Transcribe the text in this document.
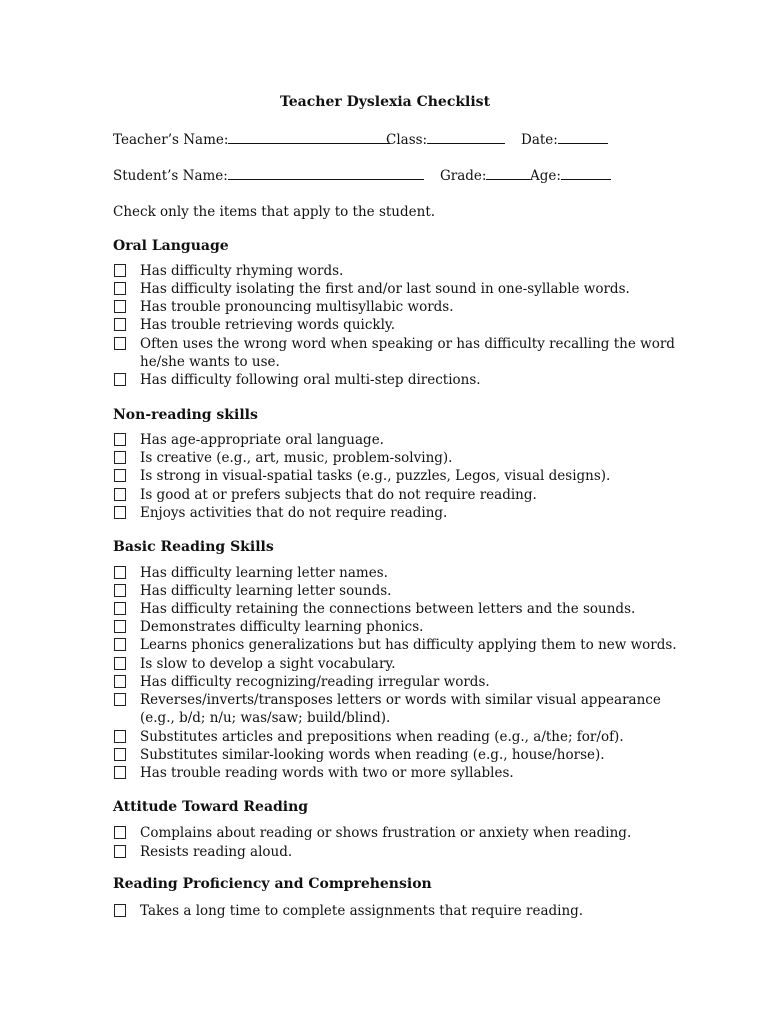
Teacher Dyslexia Checklist
Teacher’s Name:	Class:	Date:
Student’s Name:	Grade:	Age:
Check only the items that apply to the student.
Oral Language
Has difficulty rhyming words.
Has difficulty isolating the first and/or last sound in one-syllable words.
Has trouble pronouncing multisyllabic words.
Has trouble retrieving words quickly.
Often uses the wrong word when speaking or has difficulty recalling the word
he/she wants to use.
Has difficulty following oral multi-step directions.
Non-reading skills
Has age-appropriate oral language.
Is creative (e.g., art, music, problem-solving).
Is strong in visual-spatial tasks (e.g., puzzles, Legos, visual designs).
Is good at or prefers subjects that do not require reading.
Enjoys activities that do not require reading.
Basic Reading Skills
Has difficulty learning letter names.
Has difficulty learning letter sounds.
Has difficulty retaining the connections between letters and the sounds.
Demonstrates difficulty learning phonics.
Learns phonics generalizations but has difficulty applying them to new words.
Is slow to develop a sight vocabulary.
Has difficulty recognizing/reading irregular words.
Reverses/inverts/transposes letters or words with similar visual appearance
(e.g., b/d; n/u; was/saw; build/blind).
Substitutes articles and prepositions when reading (e.g., a/the; for/of).
Substitutes similar-looking words when reading (e.g., house/horse).
Has trouble reading words with two or more syllables.
Attitude Toward Reading
Complains about reading or shows frustration or anxiety when reading.
Resists reading aloud.
Reading Proficiency and Comprehension
Takes a long time to complete assignments that require reading.
